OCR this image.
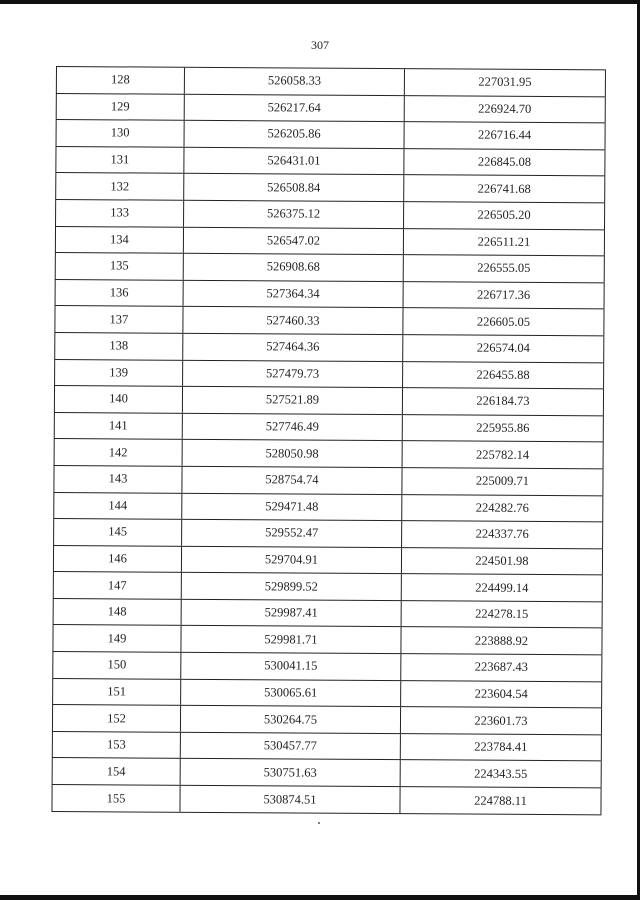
307
128	526058.33	227031.95
129	526217.64	226924.70
130	526205.86	226716.44
131	526431.01	226845.08
132	526508.84	226741.68
133	526375.12	226505.20
134	526547.02	226511.21
135	526908.68	226555.05
136	527364.34	226717.36
137	527460.33	226605.05
138	527464.36	226574.04
139	527479.73	226455.88
140	527521.89	226184.73
141	527746.49	225955.86
142	528050.98	225782.14
143	528754.74	225009.71
144	529471.48	224282.76
145	529552.47	224337.76
146	529704.91	224501.98
147	529899.52	224499.14
148	529987.41	224278.15
149	529981.71	223888.92
150	530041.15	223687.43
151	530065.61	223604.54
152	530264.75	223601.73
153	530457.77	223784.41
154	530751.63	224343.55
155	530874.51	224788.11
